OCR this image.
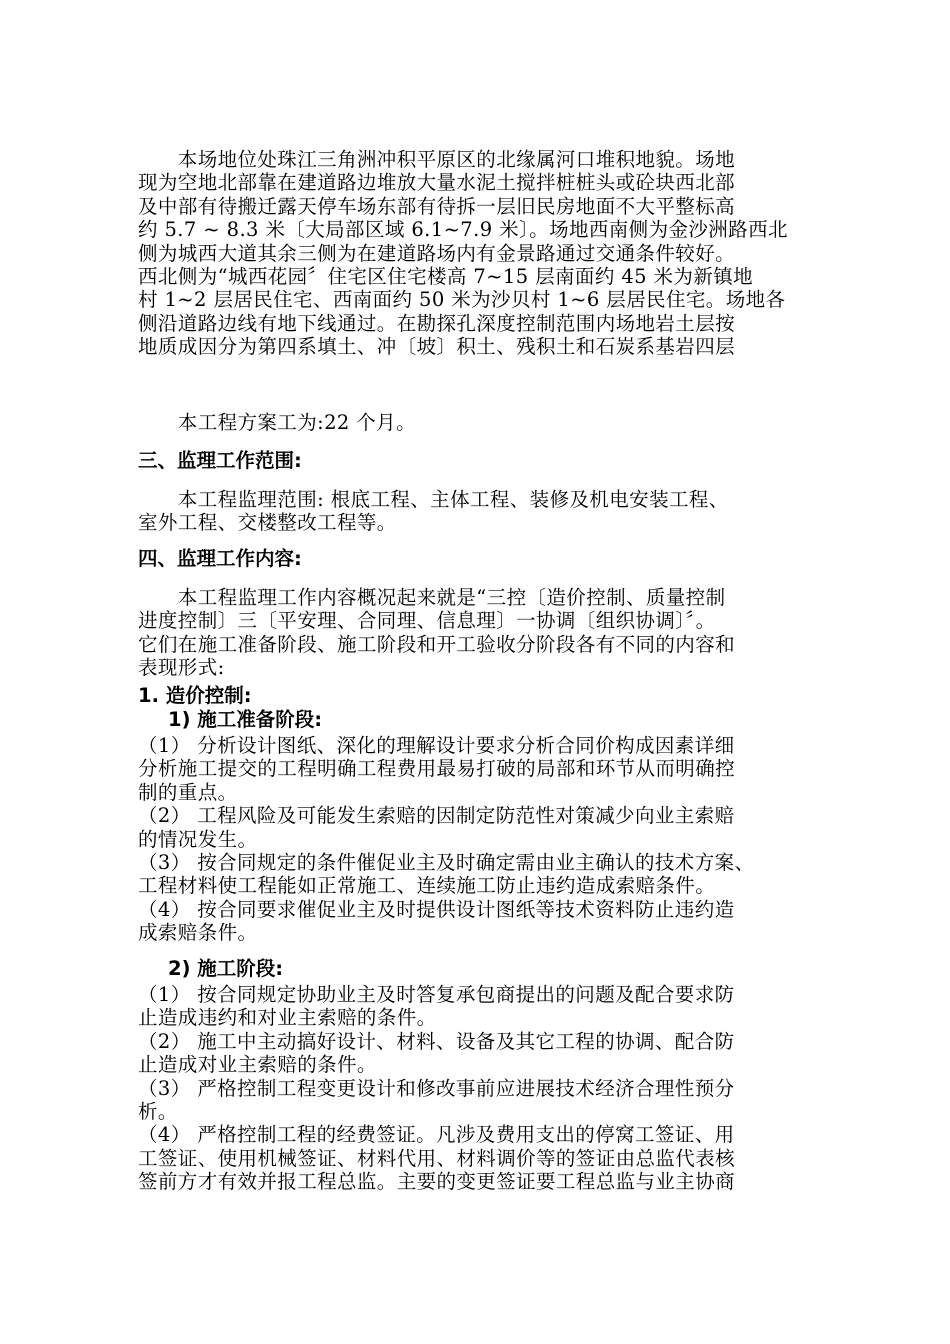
　　本场地位处珠江三角洲冲积平原区的北缘属河口堆积地貌。场地
现为空地北部靠在建道路边堆放大量水泥土搅拌桩桩头或砼块西北部
及中部有待搬迁露天停车场东部有待拆一层旧民房地面不大平整标高
约 5.7 ~ 8.3 米〔大局部区域 6.1~7.9 米〕。场地西南侧为金沙洲路西北
侧为城西大道其余三侧为在建道路场内有金景路通过交通条件较好。
西北侧为“城西花园〞住宅区住宅楼高 7~15 层南面约 45 米为新镇地
村 1~2 层居民住宅、西南面约 50 米为沙贝村 1~6 层居民住宅。场地各
侧沿道路边线有地下线通过。在勘探孔深度控制范围内场地岩土层按
地质成因分为第四系填土、冲〔坡〕积土、残积土和石炭系基岩四层
　　本工程方案工为:22 个月。
三、监理工作范围:
　　本工程监理范围: 根底工程、主体工程、装修及机电安装工程、
室外工程、交楼整改工程等。
四、监理工作内容:
　　本工程监理工作内容概况起来就是“三控〔造价控制、质量控制
进度控制〕三〔平安理、合同理、信息理〕一协调〔组织协调〕〞。
它们在施工准备阶段、施工阶段和开工验收分阶段各有不同的内容和
表现形式:
1. 造价控制:
1) 施工准备阶段:
（1） 分析设计图纸、深化的理解设计要求分析合同价构成因素详细
分析施工提交的工程明确工程费用最易打破的局部和环节从而明确控
制的重点。
（2） 工程风险及可能发生索赔的因制定防范性对策减少向业主索赔
的情况发生。
（3） 按合同规定的条件催促业主及时确定需由业主确认的技术方案、
工程材料使工程能如正常施工、连续施工防止违约造成索赔条件。
（4） 按合同要求催促业主及时提供设计图纸等技术资料防止违约造
成索赔条件。
2) 施工阶段:
（1） 按合同规定协助业主及时答复承包商提出的问题及配合要求防
止造成违约和对业主索赔的条件。
（2） 施工中主动搞好设计、材料、设备及其它工程的协调、配合防
止造成对业主索赔的条件。
（3） 严格控制工程变更设计和修改事前应进展技术经济合理性预分
析。
（4） 严格控制工程的经费签证。凡涉及费用支出的停窝工签证、用
工签证、使用机械签证、材料代用、材料调价等的签证由总监代表核
签前方才有效并报工程总监。主要的变更签证要工程总监与业主协商
